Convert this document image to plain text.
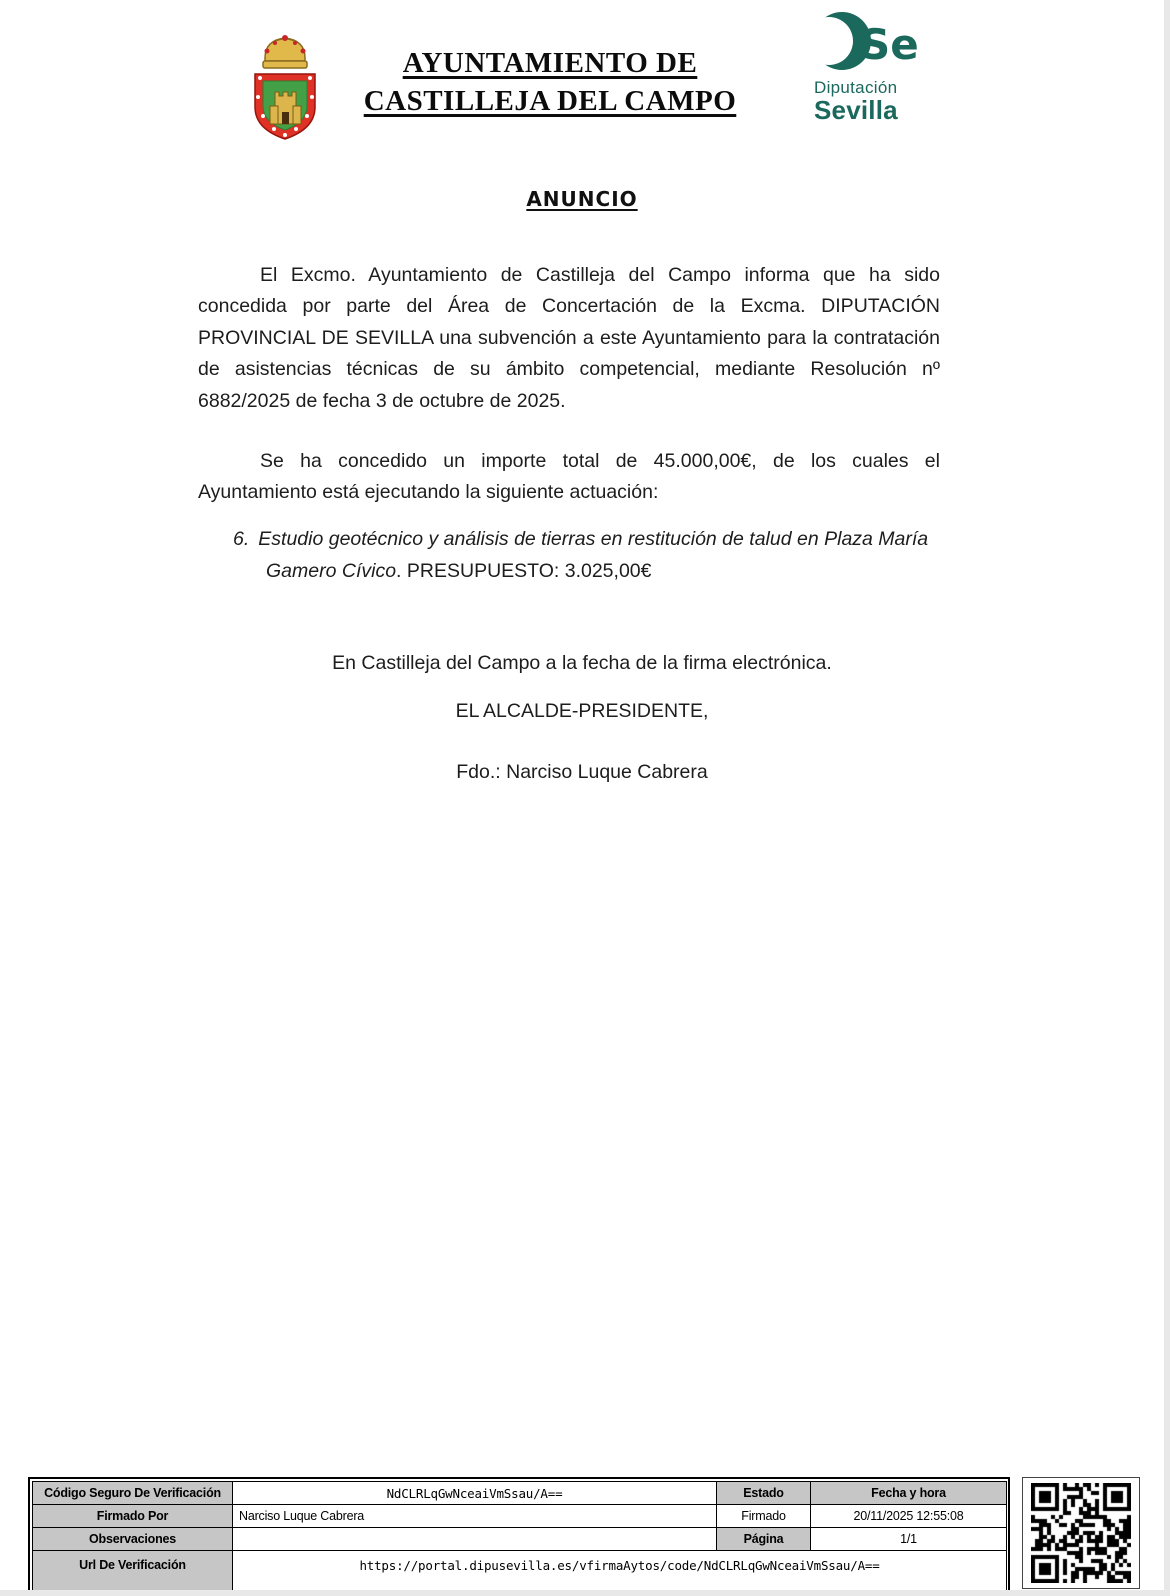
AYUNTAMIENTO DE
CASTILLEJA DEL CAMPO
Se
Diputación
Sevilla
ANUNCIO

El Excmo. Ayuntamiento de Castilleja del Campo informa que ha sido concedida por parte del Área de Concertación de la Excma. DIPUTACIÓN PROVINCIAL DE SEVILLA una subvención a este Ayuntamiento para la contratación de asistencias técnicas de su ámbito competencial, mediante Resolución nº 6882/2025 de fecha 3 de octubre de 2025.

Se ha concedido un importe total de 45.000,00€, de los cuales el Ayuntamiento está ejecutando la siguiente actuación:

6. Estudio geotécnico y análisis de tierras en restitución de talud en Plaza María Gamero Cívico. PRESUPUESTO: 3.025,00€

En Castilleja del Campo a la fecha de la firma electrónica.

EL ALCALDE-PRESIDENTE,

Fdo.: Narciso Luque Cabrera

Código Seguro De Verificación	NdCLRLqGwNceaiVmSsau/A==	Estado	Fecha y hora
Firmado Por	Narciso Luque Cabrera	Firmado	20/11/2025 12:55:08
Observaciones		Página	1/1
Url De Verificación	https://portal.dipusevilla.es/vfirmaAytos/code/NdCLRLqGwNceaiVmSsau/A==		
